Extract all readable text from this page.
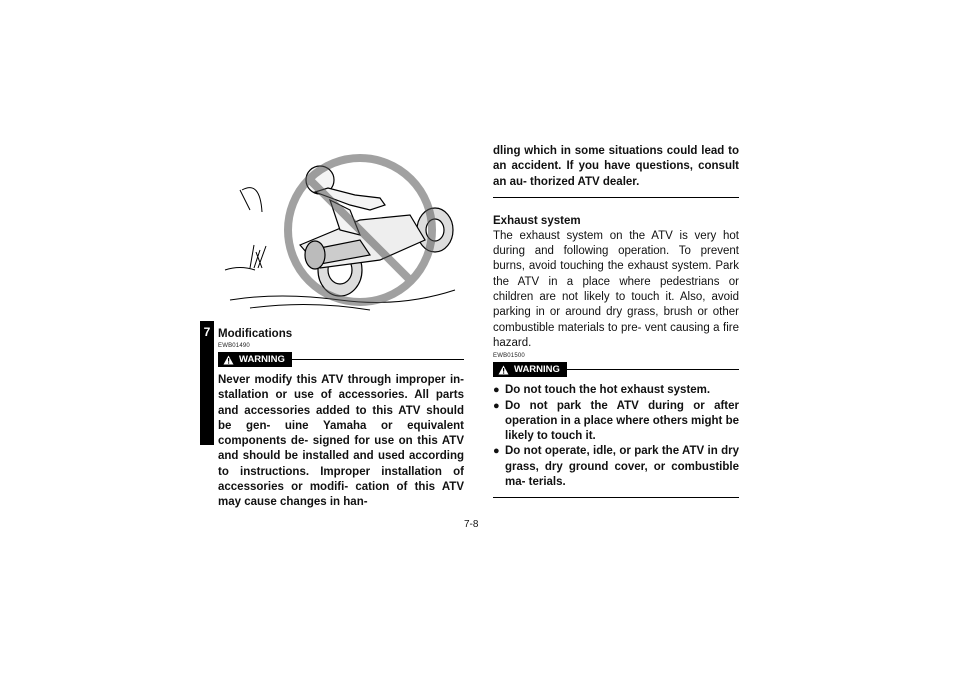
7 Modifications
EWB01490
WARNING
Never modify this ATV through improper in- stallation or use of accessories. All parts and accessories added to this ATV should be gen- uine Yamaha or equivalent components de- signed for use on this ATV and should be installed and used according to instructions. Improper installation of accessories or modifi- cation of this ATV may cause changes in han-
dling which in some situations could lead to an accident. If you have questions, consult an au- thorized ATV dealer.
Exhaust system
The exhaust system on the ATV is very hot during and following operation. To prevent burns, avoid touching the exhaust system. Park the ATV in a place where pedestrians or children are not likely to touch it. Also, avoid parking in or around dry grass, brush or other combustible materials to pre- vent causing a fire hazard.
EWB01500
WARNING
● Do not touch the hot exhaust system.
● Do not park the ATV during or after operation in a place where others might be likely to touch it.
● Do not operate, idle, or park the ATV in dry grass, dry ground cover, or combustible ma- terials.
7-8
